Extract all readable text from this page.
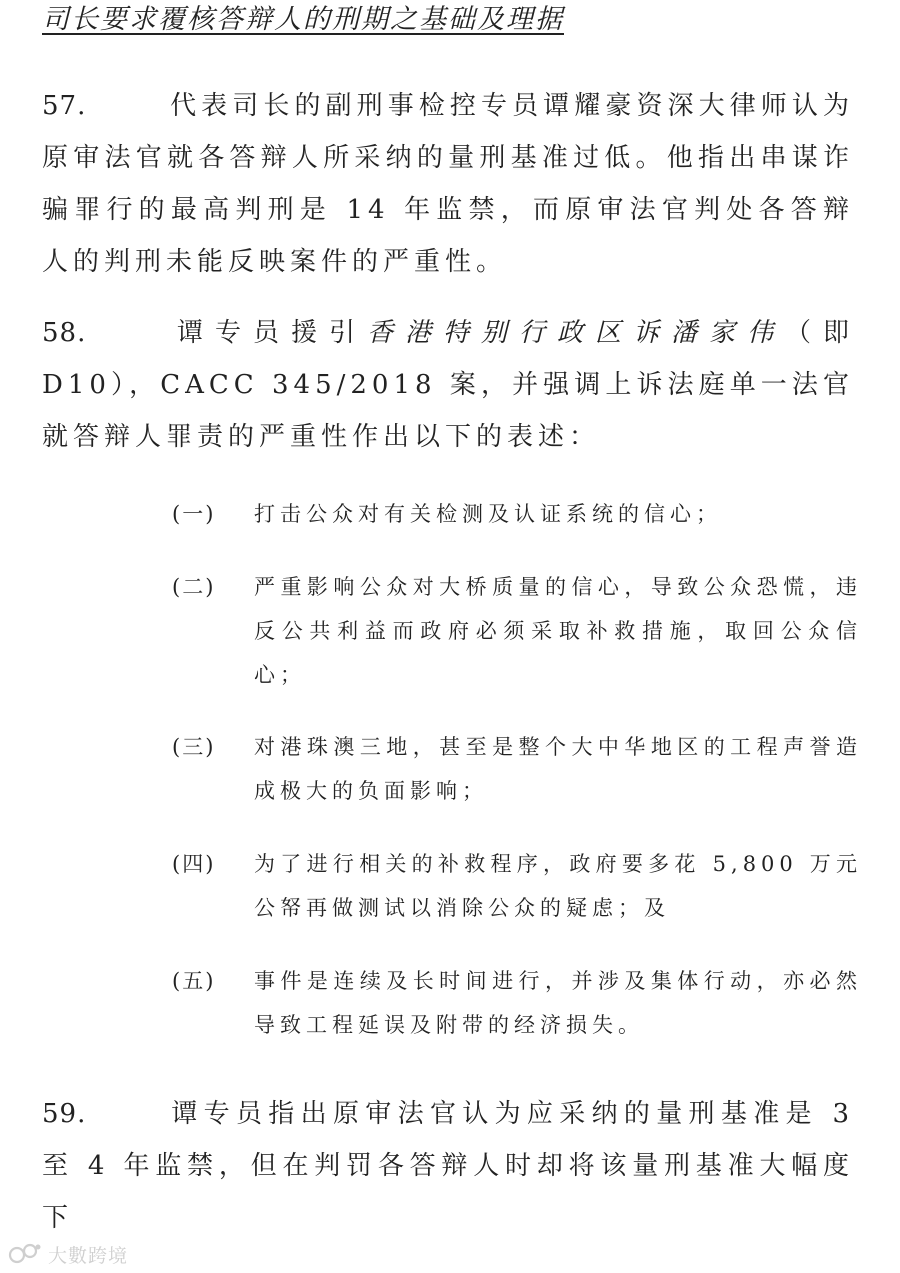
司长要求覆核答辩人的刑期之基础及理据
57.	代表司长的副刑事检控专员谭耀豪资深大律师认为原审法官就各答辩人所采纳的量刑基准过低。他指出串谋诈骗罪行的最高判刑是 14 年监禁，而原审法官判处各答辩人的判刑未能反映案件的严重性。
58.	谭专员援引香港特别行政区诉潘家伟（即 D10），CACC 345/2018 案，并强调上诉法庭单一法官就答辩人罪责的严重性作出以下的表述：
(一)	打击公众对有关检测及认证系统的信心；
(二)	严重影响公众对大桥质量的信心，导致公众恐慌，违反公共利益而政府必须采取补救措施，取回公众信心；
(三)	对港珠澳三地，甚至是整个大中华地区的工程声誉造成极大的负面影响；
(四)	为了进行相关的补救程序，政府要多花 5,800 万元公帑再做测试以消除公众的疑虑；及
(五)	事件是连续及长时间进行，并涉及集体行动，亦必然导致工程延误及附带的经济损失。
59.	谭专员指出原审法官认为应采纳的量刑基准是 3 至 4 年监禁，但在判罚各答辩人时却将该量刑基准大幅度下
大數跨境
